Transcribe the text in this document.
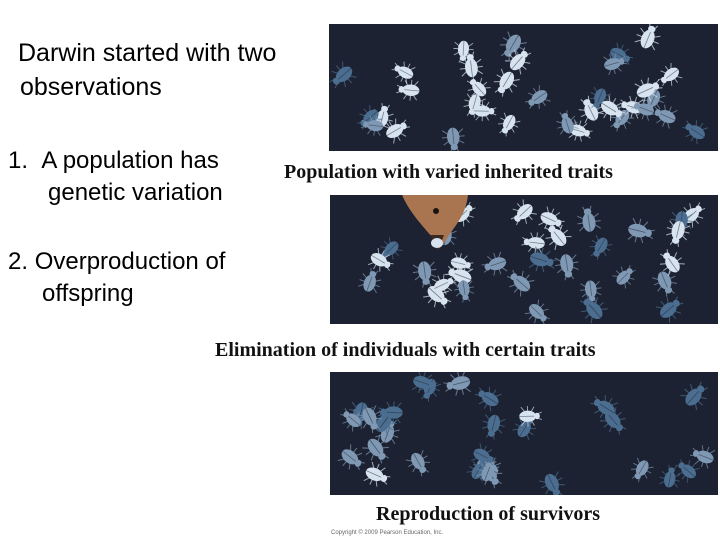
Darwin started with two
observations
1. A population has
genetic variation
2. Overproduction of
offspring
Population with varied inherited traits
Elimination of individuals with certain traits
Reproduction of survivors
Copyright © 2009 Pearson Education, Inc.
